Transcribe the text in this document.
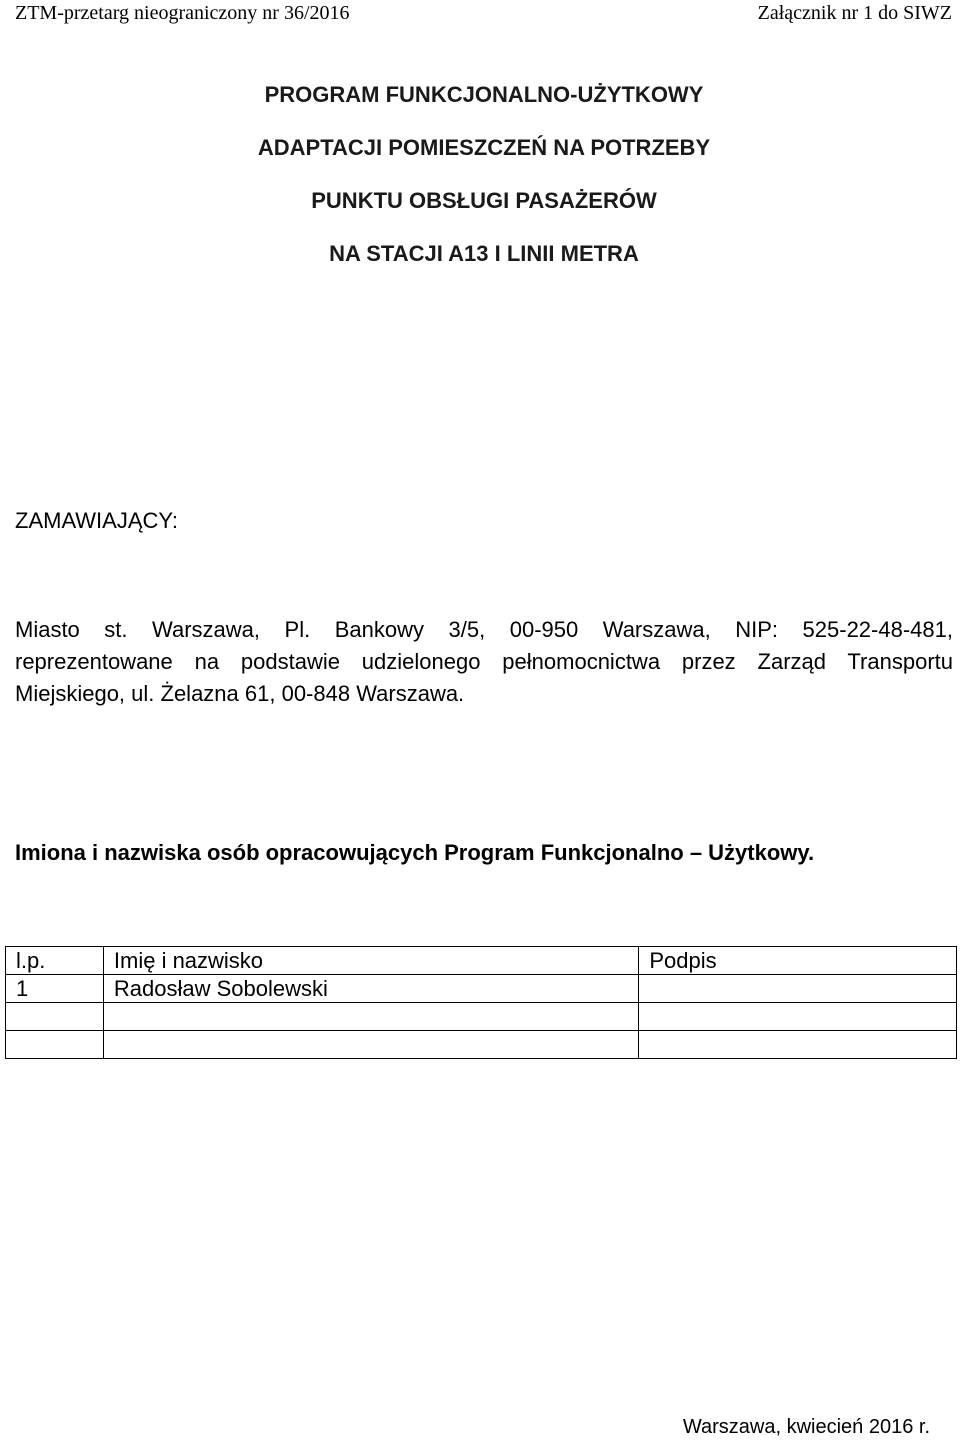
ZTM-przetarg nieograniczony nr 36/2016	Załącznik nr 1 do SIWZ
PROGRAM FUNKCJONALNO-UŻYTKOWY
ADAPTACJI POMIESZCZEŃ NA POTRZEBY
PUNKTU OBSŁUGI PASAŻERÓW
NA STACJI A13 I LINII METRA
ZAMAWIAJĄCY:
Miasto st. Warszawa, Pl. Bankowy 3/5, 00-950 Warszawa, NIP: 525-22-48-481,
reprezentowane na podstawie udzielonego pełnomocnictwa przez Zarząd Transportu
Miejskiego, ul. Żelazna 61, 00-848 Warszawa.
Imiona i nazwiska osób opracowujących Program Funkcjonalno – Użytkowy.
l.p.	Imię i nazwisko	Podpis
1	Radosław Sobolewski	

Warszawa, kwiecień 2016 r.
